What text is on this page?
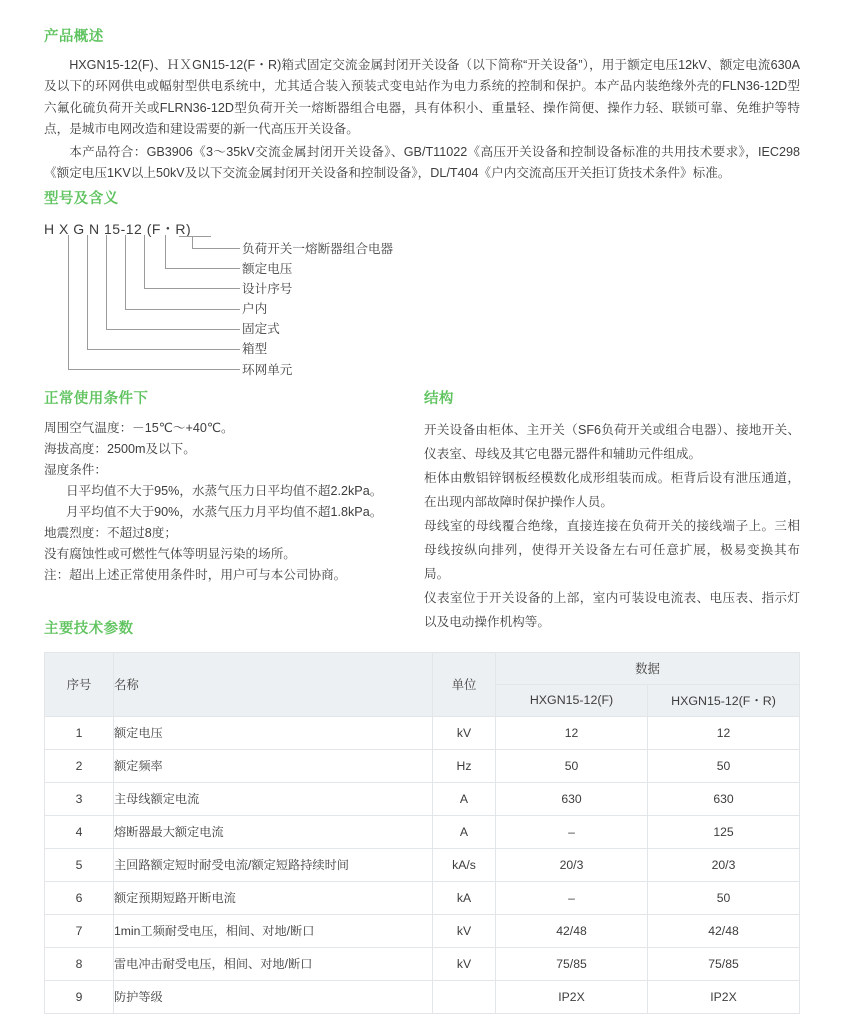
产品概述

HXGN15-12(F)、ＨＸGN15-12(F・R)箱式固定交流金属封闭开关设备（以下简称“开关设备”），用于额定电压12kV、额定电流630A及以下的环网供电或幅射型供电系统中，尤其适合装入预装式变电站作为电力系统的控制和保护。本产品内装绝缘外壳的FLN36-12D型六氟化硫负荷开关或FLRN36-12D型负荷开关一熔断器组合电器，具有体积小、重量轻、操作简便、操作力轻、联锁可靠、免维护等特点，是城市电网改造和建设需要的新一代高压开关设备。

本产品符合：GB3906《3～35kV交流金属封闭开关设备》、GB/T11022《高压开关设备和控制设备标准的共用技术要求》，IEC298《额定电压1KV以上50kV及以下交流金属封闭开关设备和控制设备》，DL/T404《户内交流高压开关拒订货技术条件》标准。

型号及含义
H X G N 15-12 (F・R)
负荷开关一熔断器组合电器
额定电压
设计序号
户内
固定式
箱型
环网单元
正常使用条件下
周围空气温度：－15℃～+40℃。
海拔高度：2500m及以下。
湿度条件：
日平均值不大于95%，水蒸气压力日平均值不超2.2kPa。
月平均值不大于90%，水蒸气压力月平均值不超1.8kPa。
地震烈度：不超过8度；
没有腐蚀性或可燃性气体等明显污染的场所。
注：超出上述正常使用条件时，用户可与本公司协商。
结构

开关设备由柜体、主开关（SF6负荷开关或组合电器）、接地开关、仪表室、母线及其它电器元器件和辅助元件组成。

柜体由敷铝锌钢板经模数化成形组装而成。柜背后设有泄压通道，在出现内部故障时保护操作人员。

母线室的母线覆合绝缘，直接连接在负荷开关的接线端子上。三相母线按纵向排列，使得开关设备左右可任意扩展，极易变换其布局。

仪表室位于开关设备的上部，室内可装设电流表、电压表、指示灯以及电动操作机构等。

主要技术参数
序号	名称	单位	数据	
			HXGN15-12(F)	HXGN15-12(F・R)
1	额定电压	kV	12	12
2	额定频率	Hz	50	50
3	主母线额定电流	A	630	630
4	熔断器最大额定电流	A	–	125
5	主回路额定短时耐受电流/额定短路持续时间	kA/s	20/3	20/3
6	额定预期短路开断电流	kA	–	50
7	1min工频耐受电压，相间、对地/断口	kV	42/48	42/48
8	雷电冲击耐受电压，相间、对地/断口	kV	75/85	75/85
9	防护等级		IP2X	IP2X
